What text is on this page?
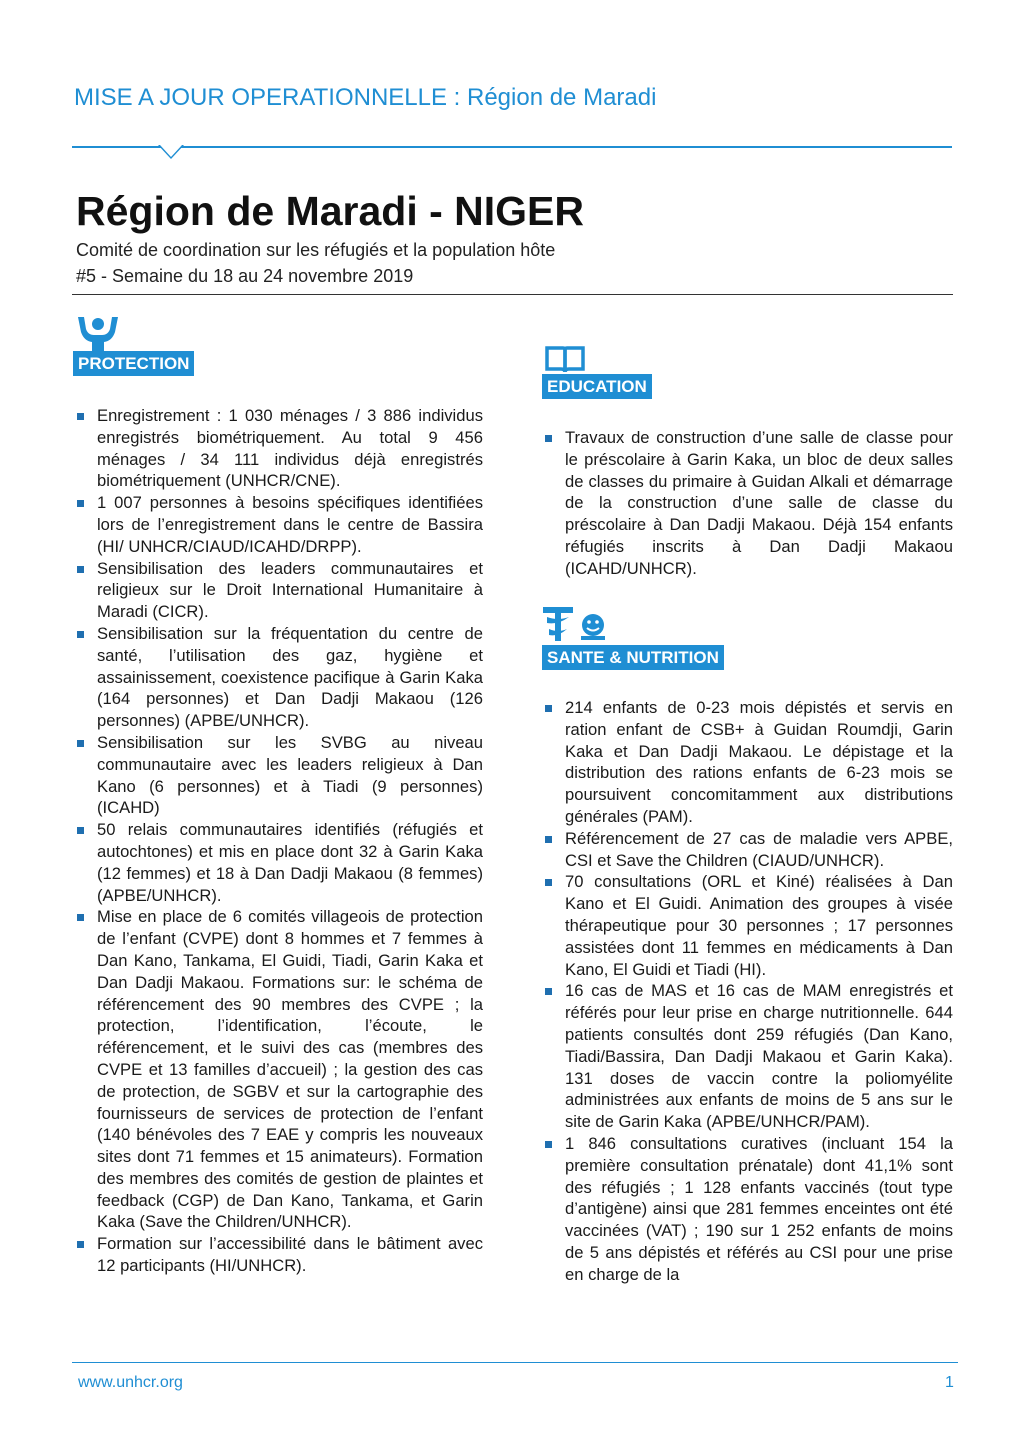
MISE A JOUR OPERATIONNELLE : Région de Maradi
Région de Maradi - NIGER
Comité de coordination sur les réfugiés et la population hôte
#5 - Semaine du 18 au 24 novembre 2019
PROTECTION
Enregistrement : 1 030 ménages / 3 886 individus enregistrés biométriquement. Au total 9 456 ménages / 34 111 individus déjà enregistrés biométriquement (UNHCR/CNE).
1 007 personnes à besoins spécifiques identifiées lors de l’enregistrement dans le centre de Bassira (HI/ UNHCR/CIAUD/ICAHD/DRPP).
Sensibilisation des leaders communautaires et religieux sur le Droit International Humanitaire à Maradi (CICR).
Sensibilisation sur la fréquentation du centre de santé, l’utilisation des gaz, hygiène et assainissement, coexistence pacifique à Garin Kaka (164 personnes) et Dan Dadji Makaou (126 personnes) (APBE/UNHCR).
Sensibilisation sur les SVBG au niveau communautaire avec les leaders religieux à Dan Kano (6 personnes) et à Tiadi (9 personnes) (ICAHD)
50 relais communautaires identifiés (réfugiés et autochtones) et mis en place dont 32 à Garin Kaka (12 femmes) et 18 à Dan Dadji Makaou (8 femmes) (APBE/UNHCR).
Mise en place de 6 comités villageois de protection de l’enfant (CVPE) dont 8 hommes et 7 femmes à Dan Kano, Tankama, El Guidi, Tiadi, Garin Kaka et Dan Dadji Makaou. Formations sur: le schéma de référencement des 90 membres des CVPE ; la protection, l’identification, l’écoute, le référencement, et le suivi des cas (membres des CVPE et 13 familles d’accueil) ; la gestion des cas de protection, de SGBV et sur la cartographie des fournisseurs de services de protection de l’enfant (140 bénévoles des 7 EAE y compris les nouveaux sites dont 71 femmes et 15 animateurs). Formation des membres des comités de gestion de plaintes et feedback (CGP) de Dan Kano, Tankama, et Garin Kaka (Save the Children/UNHCR).
Formation sur l’accessibilité dans le bâtiment avec 12 participants (HI/UNHCR).
EDUCATION
Travaux de construction d’une salle de classe pour le préscolaire à Garin Kaka, un bloc de deux salles de classes du primaire à Guidan Alkali et démarrage de la construction d’une salle de classe du préscolaire à Dan Dadji Makaou. Déjà 154 enfants réfugiés inscrits à Dan Dadji Makaou (ICAHD/UNHCR).
SANTE & NUTRITION
214 enfants de 0-23 mois dépistés et servis en ration enfant de CSB+ à Guidan Roumdji, Garin Kaka et Dan Dadji Makaou. Le dépistage et la distribution des rations enfants de 6-23 mois se poursuivent concomitamment aux distributions générales (PAM).
Référencement de 27 cas de maladie vers APBE, CSI et Save the Children (CIAUD/UNHCR).
70 consultations (ORL et Kiné) réalisées à Dan Kano et El Guidi. Animation des groupes à visée thérapeutique pour 30 personnes ; 17 personnes assistées dont 11 femmes en médicaments à Dan Kano, El Guidi et Tiadi (HI).
16 cas de MAS et 16 cas de MAM enregistrés et référés pour leur prise en charge nutritionnelle. 644 patients consultés dont 259 réfugiés (Dan Kano, Tiadi/Bassira, Dan Dadji Makaou et Garin Kaka). 131 doses de vaccin contre la poliomyélite administrées aux enfants de moins de 5 ans sur le site de Garin Kaka (APBE/UNHCR/PAM).
1 846 consultations curatives (incluant 154 la première consultation prénatale) dont 41,1% sont des réfugiés ; 1 128 enfants vaccinés (tout type d’antigène) ainsi que 281 femmes enceintes ont été vaccinées (VAT) ; 190 sur 1 252 enfants de moins de 5 ans dépistés et référés au CSI pour une prise en charge de la
www.unhcr.org	1
